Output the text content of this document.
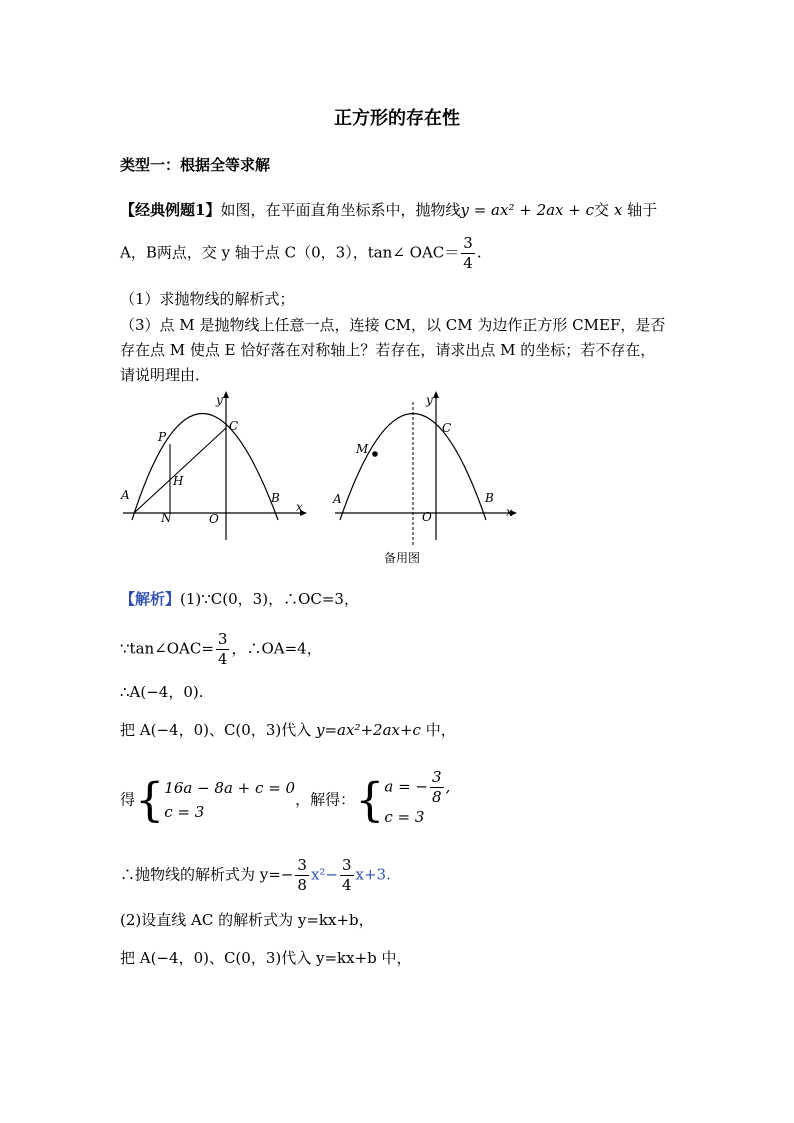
正方形的存在性
类型一：根据全等求解
【经典例题1】如图，在平面直角坐标系中，抛物线y = ax² + 2ax + c交 x 轴于
A，B两点，交 y 轴于点 C（0，3），tan∠ $OAC= \frac{3}{4}$ .
（1）求抛物线的解析式；
（3）点 M 是抛物线上任意一点，连接 CM，以 CM 为边作正方形 CMEF，是否
存在点 M 使点 E 恰好落在对称轴上？若存在，请求出点 M 的坐标；若不存在，
请说明理由．
y
x
P
C
H
A	B
N	O
y
x
M
C
A	B
O
备用图
【解析】(1)∵C(0，3)，∴OC=3，
∵tan∠OAC= $\frac{3}{4}$ ，∴OA=4，
∴A(−4，0).
把 A(−4，0)、C(0，3)代入 y=ax²+2ax+c 中，
得{ 16a − 8a + c = 0
c = 3
，解得：{ a = − $\frac{3}{8}$ ,
c = 3
∴抛物线的解析式为 $y=- \frac{3}{8} x^2- \frac{3}{4} x+3$.
(2)设直线 AC 的解析式为 y=kx+b，
把 A(−4，0)、C(0，3)代入 y=kx+b 中，
